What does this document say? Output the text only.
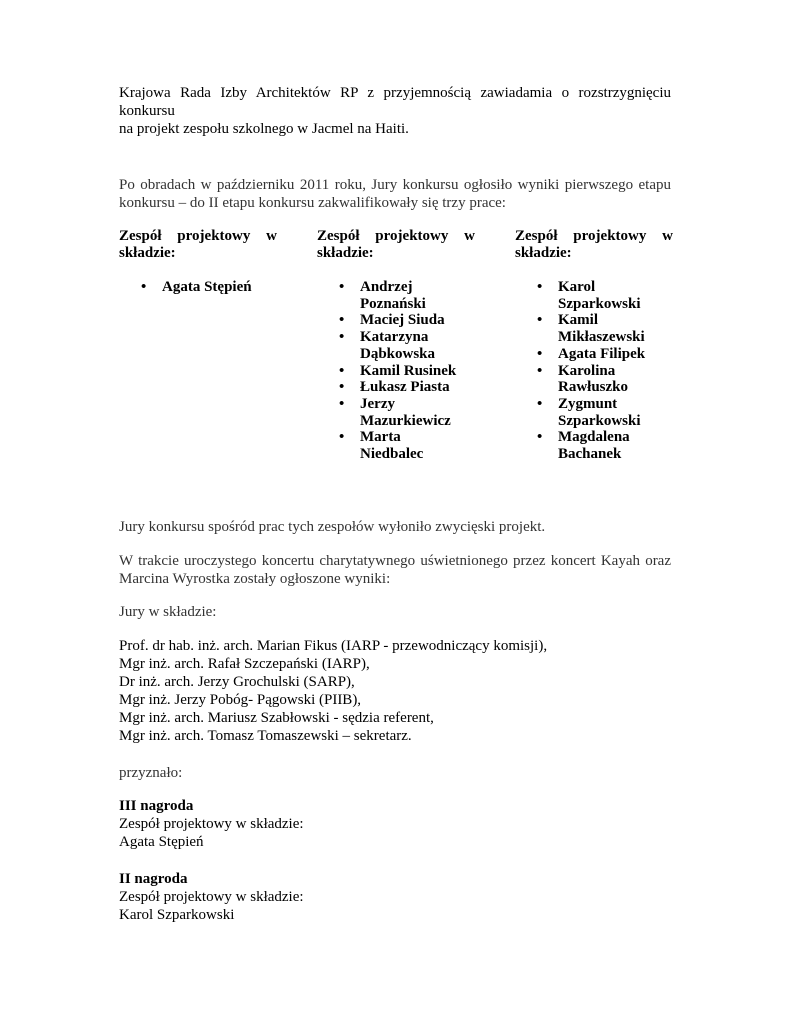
Krajowa Rada Izby Architektów RP z przyjemnością zawiadamia o rozstrzygnięciu konkursu

na projekt zespołu szkolnego w Jacmel na Haiti.

Po obradach w październiku 2011 roku, Jury konkursu ogłosiło wyniki pierwszego etapu

konkursu – do II etapu konkursu zakwalifikowały się trzy prace:

Zespół projektowy w
składzie:
• Agata Stępień
Zespół projektowy w
składzie:
• Andrzej Poznański
• Maciej Siuda
• Katarzyna Dąbkowska
• Kamil Rusinek
• Łukasz Piasta
• Jerzy Mazurkiewicz
• Marta Niedbalec
Zespół projektowy w
składzie:
• Karol Szparkowski
• Kamil Mikłaszewski
• Agata Filipek
• Karolina Rawłuszko
• Zygmunt Szparkowski
• Magdalena Bachanek

Jury konkursu spośród prac tych zespołów wyłoniło zwycięski projekt.

W trakcie uroczystego koncertu charytatywnego uświetnionego przez koncert Kayah oraz

Marcina Wyrostka zostały ogłoszone wyniki:

Jury w składzie:

Prof. dr hab. inż. arch. Marian Fikus (IARP - przewodniczący komisji),

Mgr inż. arch. Rafał Szczepański (IARP),

Dr inż. arch. Jerzy Grochulski (SARP),

Mgr inż. Jerzy Pobóg- Pągowski (PIIB),

Mgr inż. arch. Mariusz Szabłowski - sędzia referent,

Mgr inż. arch. Tomasz Tomaszewski – sekretarz.

przyznało:

III nagroda

Zespół projektowy w składzie:

Agata Stępień

II nagroda

Zespół projektowy w składzie:

Karol Szparkowski
